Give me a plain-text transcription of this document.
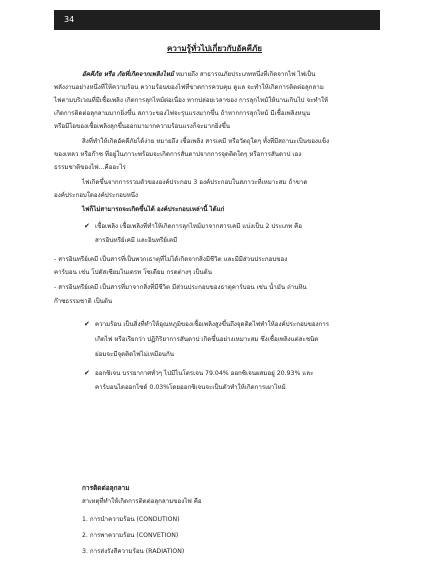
34
ความรู้ทั่วไปเกี่ยวกับอัคคีภัย
อัคคีภัย หรือ ภัยที่เกิดจากเพลิงไหม้ หมายถึง สาธารณภัยประเภทหนึ่งที่เกิดจากไฟ ไฟเป็น
พลังงานอย่างหนึ่งที่ให้ความร้อน ความร้อนของไฟที่ขาดการควบคุม ดูแล จะทำให้เกิดการติดต่อลุกลาม
ไฟตามบริเวณที่มีเชื้อเพลิง เกิดการลุกไหม้ต่อเนื่อง หากปล่อยเวลาของ การลุกไหม้ให้นานเกินไป จะทำให้
เกิดการติดต่อลุกลามมากยิ่งขึ้น สภาวะของไฟจะรุนแรงมากขึ้น ถ้าหากการลุกไหม้ มีเชื้อเพลิงหนุน
หรือมีไอของเชื้อเพลิงลุกขึ้นออกมามากความร้อนแรงก็จะมากยิ่งขึ้น
สิ่งที่ทำให้เกิดอัคคีภัยได้ง่าย หมายถึง เชื้อเพลิง สารเคมี หรือวัตถุใดๆ ทั้งที่มีสถานะเป็นของแข็ง
ของเหลว หรือก๊าซ ที่อยู่ในภาวะพร้อมจะเกิดการสันดาปจากการจุดติดใดๆ หรือการสันดาป เอง
ธรรมชาติของไฟ...คืออะไร
ไฟเกิดขึ้นจากการรวมตัวขององค์ประกอบ 3 องค์ประกอบในสภาวะที่เหมาะสม ถ้าขาด
องค์ประกอบใดองค์ประกอบหนึ่ง
ไฟก็ไม่สามารถจะเกิดขึ้นได้ องค์ประกอบเหล่านี้ ได้แก่
✔ เชื้อเพลิง เชื้อเพลิงที่ทำให้เกิดการลุกไหม้มาจากสารเคมี แบ่งเป็น 2 ประเภท คือ
สารอินทรีย์เคมี และอินทรีย์เคมี
- สารอินทรีย์เคมี เป็นสารที่เป็นพวกเธาตุที่ไม่ได้เกิดจากสิ่งมีชีวิต และมีมีส่วนประกอบของ
คาร์บอน เช่น โปตัสเซียมไนเตรท โซเดียม กรดต่างๆ เป็นต้น
- สารอินทรีย์เคมี เป็นสารที่มาจากสิ่งที่มีชีวิต มีส่วนประกอบของธาตุคาร์บอน เช่น น้ำมัน ถ่านหิน
ก๊าซธรรมชาติ เป็นต้น
✔ ความร้อน เป็นสิ่งที่ทำให้อุณหภูมิของเชื้อเพลิงสูงขึ้นถึงจุดติดไฟทำให้องค์ประกอบของการ
เกิดไฟ หรือเรียกว่า ปฏิกิริยาการสันดาป เกิดขึ้นอย่างเหมาะสม ซึ่งเชื้อเพลิงแต่ละชนิด
ย่อมจะมีจุดติดไฟไม่เหมือนกัน
✔ ออกซิเจน บรรยากาศทั่วๆ ไปมีไนโตรเจน 79.04% ออกซิเจนผสมอยู่ 20.93% และ
คาร์บอนไดออกไซด์ 0.03%โดยออกซิเจนจะเป็นตัวทำให้เกิดการเผาไหม้
การติดต่อลุกลาม
สาเหตุที่ทำให้เกิดการติดต่อลุกลามของไฟ คือ
1. การนำความร้อน (CONDUTION)
2. การพาความร้อน (CONVETION)
3. การส่งรังสีความร้อน (RADIATION)
